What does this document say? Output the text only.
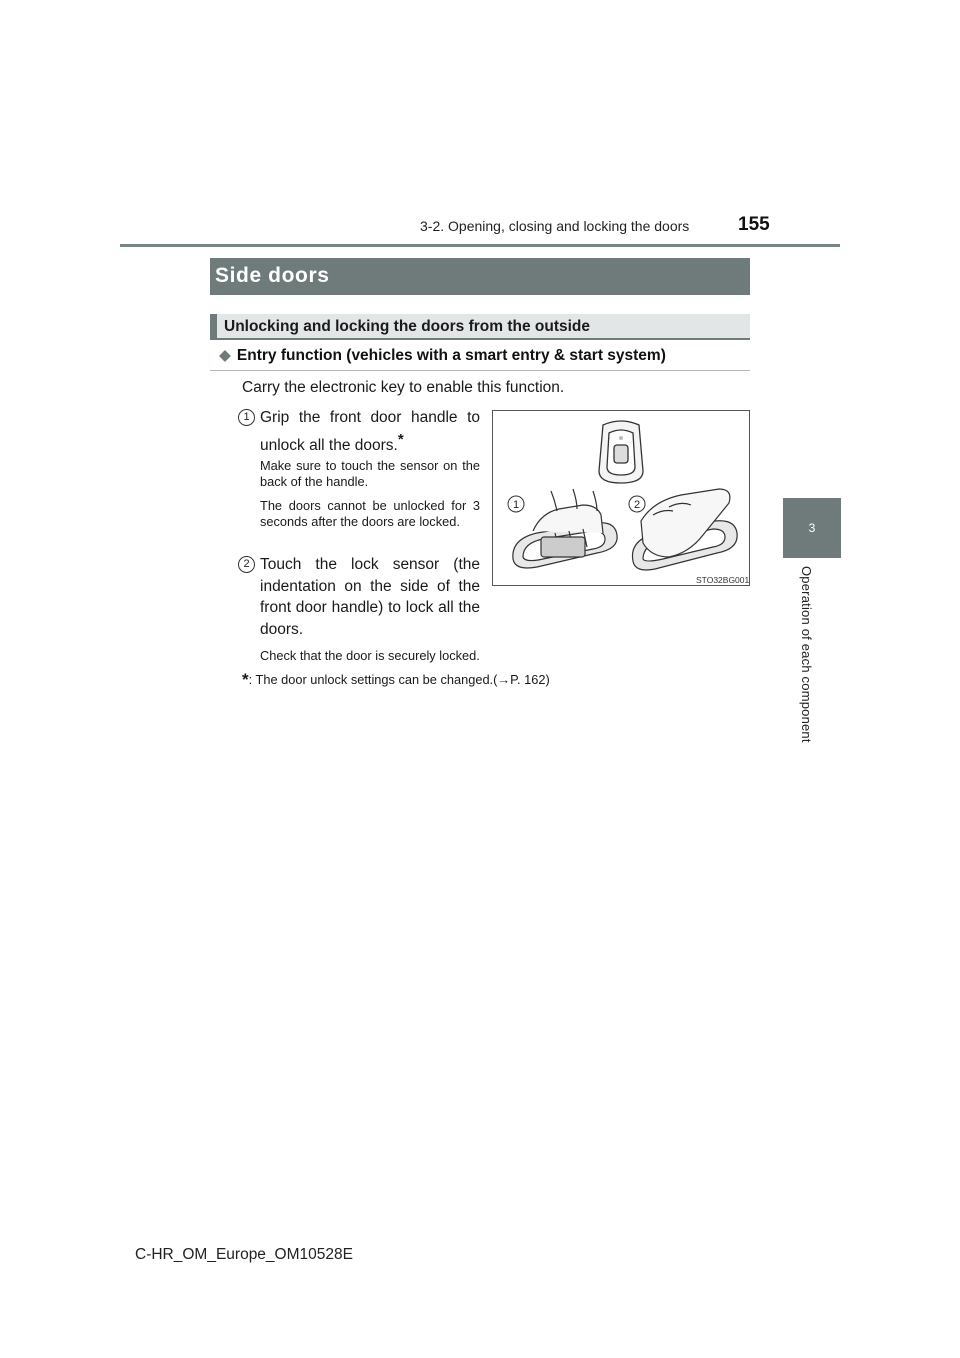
3-2. Opening, closing and locking the doors	155
3
Operation of each component
Side doors
Unlocking and locking the doors from the outside
◆ Entry function (vehicles with a smart entry & start system)
Carry the electronic key to enable this function.
1 Grip the front door handle to unlock all the doors.*
Make sure to touch the sensor on the back of the handle.
The doors cannot be unlocked for 3 seconds after the doors are locked.
2 Touch the lock sensor (the indentation on the side of the front door handle) to lock all the doors.
Check that the door is securely locked.
*: The door unlock settings can be changed.(→P. 162)
1	2
STO32BG001
C-HR_OM_Europe_OM10528E
